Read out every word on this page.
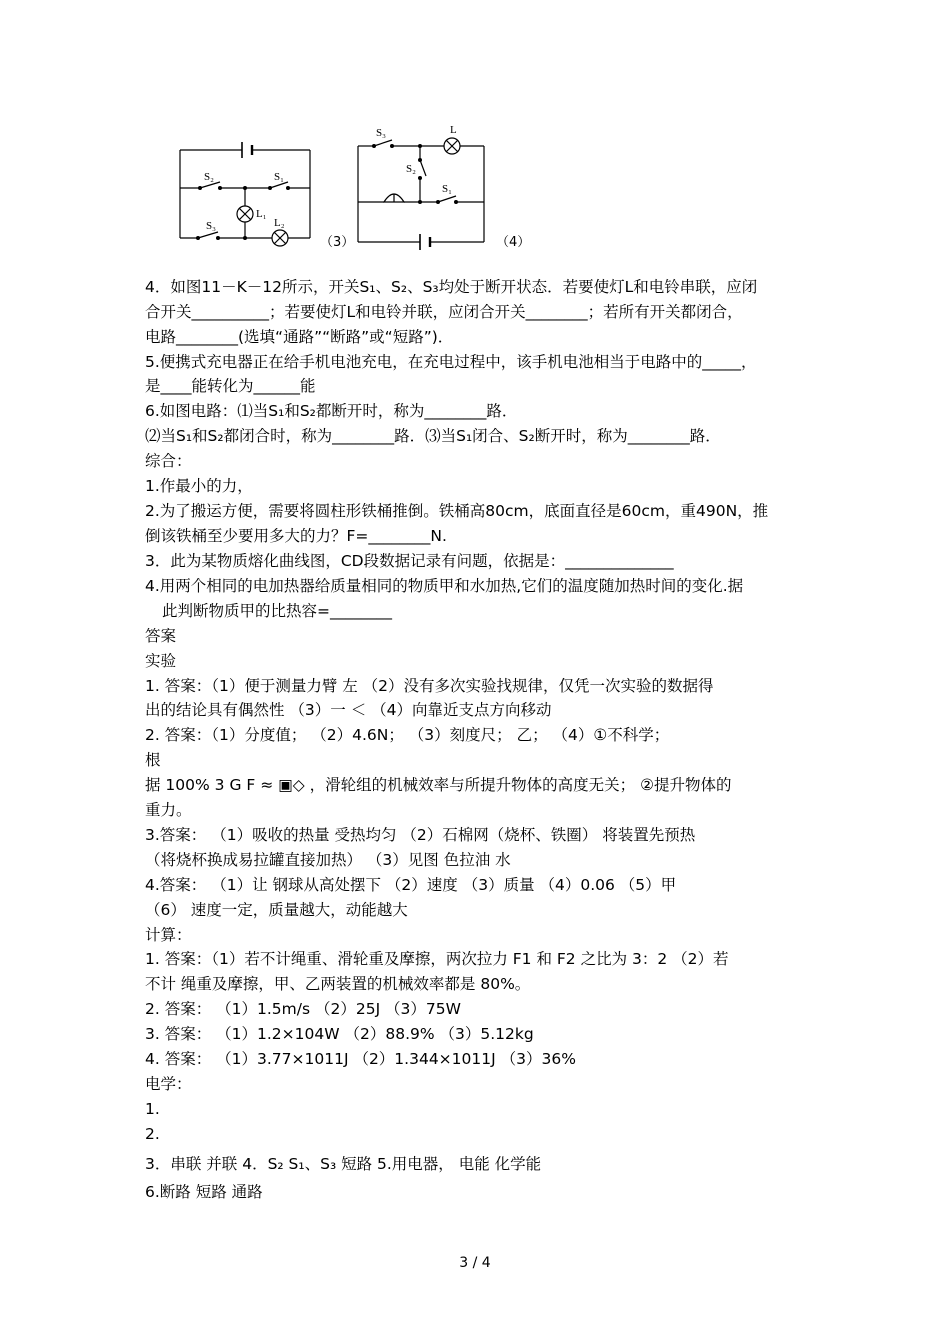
S₂	S₁
L₁
S₃	L₂
（3）
S₃	L
S₂
S₁
（4）
4．如图11－K－12所示，开关S₁、S₂、S₃均处于断开状态．若要使灯L和电铃串联，应闭
合开关__________；若要使灯L和电铃并联，应闭合开关________；若所有开关都闭合，
电路________(选填“通路”“断路”或“短路”)．
5.便携式充电器正在给手机电池充电，在充电过程中，该手机电池相当于电路中的_____，
是____能转化为______能
6.如图电路：⑴当S₁和S₂都断开时，称为________路．
⑵当S₁和S₂都闭合时，称为________路．⑶当S₁闭合、S₂断开时，称为________路．
综合：
1.作最小的力，
2.为了搬运方便，需要将圆柱形铁桶推倒。铁桶高80cm，底面直径是60cm，重490N，推
倒该铁桶至少要用多大的力？F=________N.
3．此为某物质熔化曲线图，CD段数据记录有问题，依据是：______________
4.用两个相同的电加热器给质量相同的物质甲和水加热,它们的温度随加热时间的变化.据
此判断物质甲的比热容=________
答案
实验
1. 答案：（1）便于测量力臂 左 （2）没有多次实验找规律，仅凭一次实验的数据得
出的结论具有偶然性 （3）一 ＜ （4）向靠近支点方向移动
2. 答案：（1）分度值； （2）4.6N； （3）刻度尺； 乙； （4）①不科学；
根
据 100% 3 G F ≈ ▣◇ ，滑轮组的机械效率与所提升物体的高度无关； ②提升物体的
重力。
3.答案： （1）吸收的热量 受热均匀 （2）石棉网（烧杯、铁圈） 将装置先预热
（将烧杯换成易拉罐直接加热） （3）见图 色拉油 水
4.答案： （1）让 钢球从高处摆下 （2）速度 （3）质量 （4）0.06 （5）甲
（6） 速度一定，质量越大，动能越大
计算：
1. 答案：（1）若不计绳重、滑轮重及摩擦，两次拉力 F1 和 F2 之比为 3：2 （2）若
不计 绳重及摩擦，甲、乙两装置的机械效率都是 80%。
2. 答案： （1）1.5m/s （2）25J （3）75W
3. 答案： （1）1.2×104W （2）88.9% （3）5.12kg
4. 答案： （1）3.77×1011J （2）1.344×1011J （3）36%
电学：
1.
2.
3．串联 并联 4．S₂ S₁、S₃ 短路 5.用电器， 电能 化学能
6.断路 短路 通路
3 / 4
